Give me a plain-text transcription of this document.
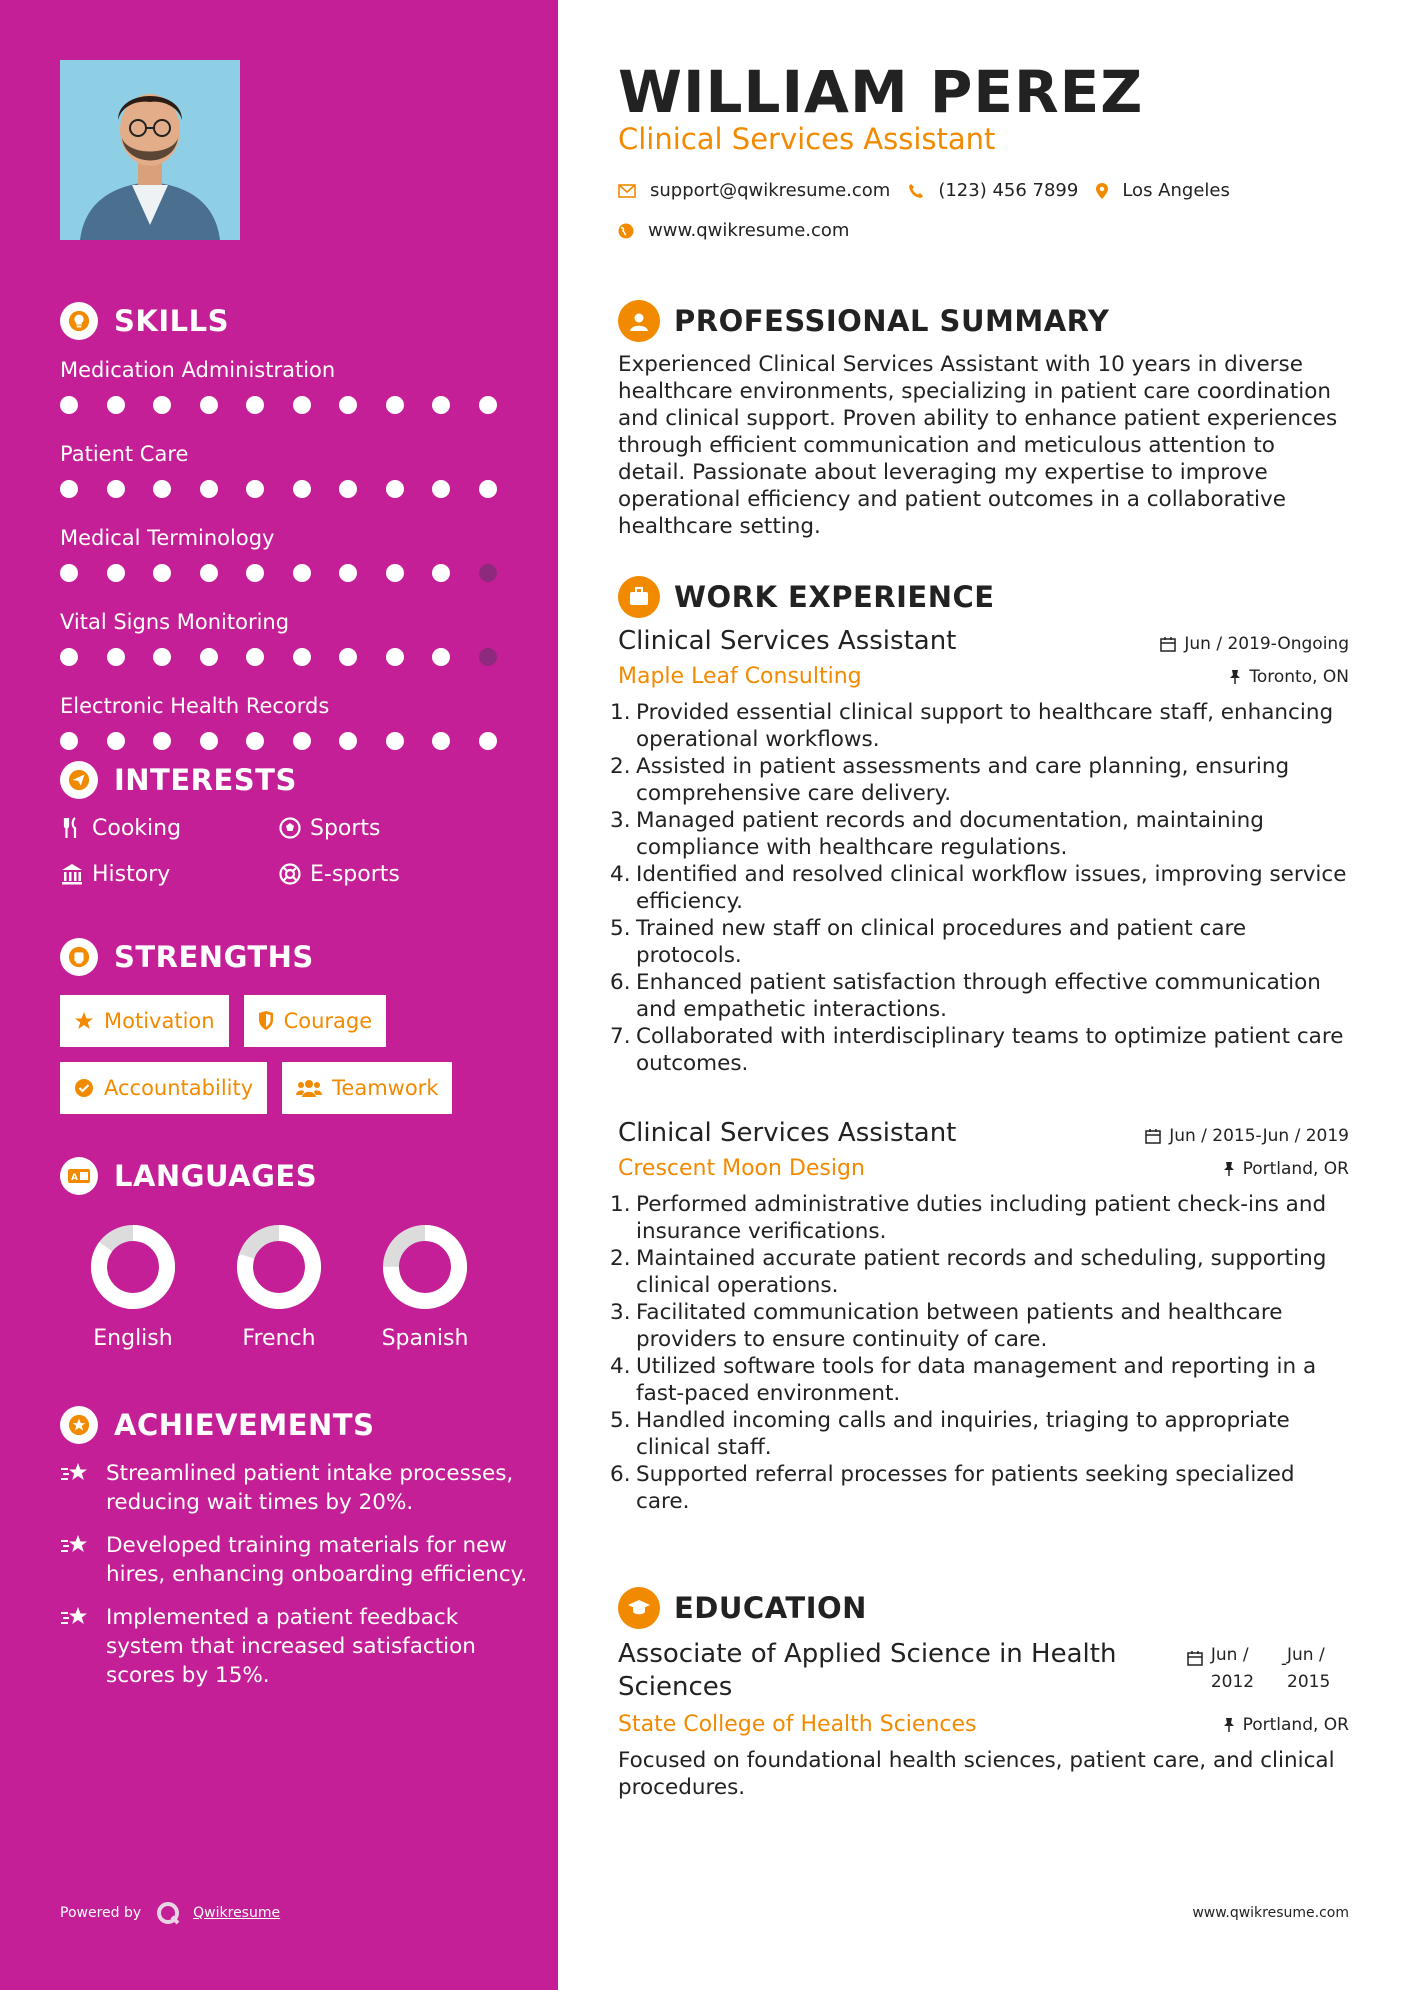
SKILLS
Medication Administration
Patient Care
Medical Terminology
Vital Signs Monitoring
Electronic Health Records
INTERESTS
Cooking	Sports
History	E-sports
STRENGTHS
Motivation	Courage
Accountability	Teamwork
A LANGUAGES
English	French	Spanish
ACHIEVEMENTS
Streamlined patient intake processes, reducing wait times by 20%.
Developed training materials for new hires, enhancing onboarding efficiency.
Implemented a patient feedback system that increased satisfaction scores by 15%.
Powered by	Qwikresume
WILLIAM PEREZ
Clinical Services Assistant
support@qwikresume.com	(123) 456 7899 Los Angeles
www.qwikresume.com
PROFESSIONAL SUMMARY
Experienced Clinical Services Assistant with 10 years in diverse healthcare environments, specializing in patient care coordination and clinical support. Proven ability to enhance patient experiences through efficient communication and meticulous attention to detail. Passionate about leveraging my expertise to improve operational efficiency and patient outcomes in a collaborative healthcare setting.
WORK EXPERIENCE
Clinical Services Assistant	Jun / 2019-Ongoing
Maple Leaf Consulting	Toronto, ON
Provided essential clinical support to healthcare staff, enhancing operational workflows.
Assisted in patient assessments and care planning, ensuring comprehensive care delivery.
Managed patient records and documentation, maintaining compliance with healthcare regulations.
Identified and resolved clinical workflow issues, improving service efficiency.
Trained new staff on clinical procedures and patient care protocols.
Enhanced patient satisfaction through effective communication and empathetic interactions.
Collaborated with interdisciplinary teams to optimize patient care outcomes.
Clinical Services Assistant	Jun / 2015-Jun / 2019
Crescent Moon Design	Portland, OR
Performed administrative duties including patient check-ins and insurance verifications.
Maintained accurate patient records and scheduling, supporting clinical operations.
Facilitated communication between patients and healthcare providers to ensure continuity of care.
Utilized software tools for data management and reporting in a fast-paced environment.
Handled incoming calls and inquiries, triaging to appropriate clinical staff.
Supported referral processes for patients seeking specialized care.
EDUCATION
Associate of Applied Science in Health Sciences
Jun / 2012
- Jun / 2015
State College of Health Sciences	Portland, OR
Focused on foundational health sciences, patient care, and clinical procedures.
www.qwikresume.com
